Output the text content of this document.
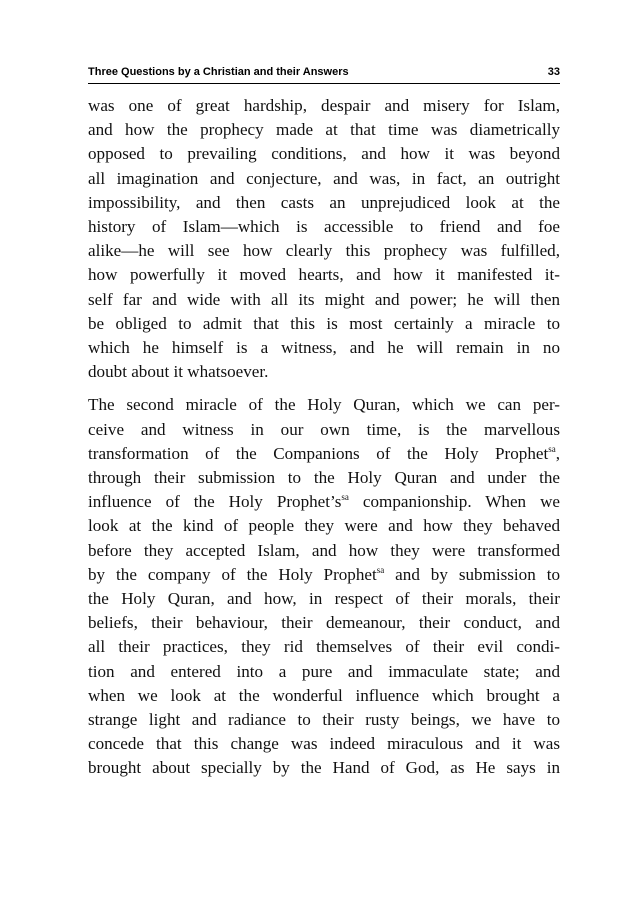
Three Questions by a Christian and their Answers	33
was one of great hardship, despair and misery for Islam,
and how the prophecy made at that time was diametrically
opposed to prevailing conditions, and how it was beyond
all imagination and conjecture, and was, in fact, an outright
impossibility, and then casts an unprejudiced look at the
history of Islam—which is accessible to friend and foe
alike—he will see how clearly this prophecy was fulfilled,
how powerfully it moved hearts, and how it manifested it-
self far and wide with all its might and power; he will then
be obliged to admit that this is most certainly a miracle to
which he himself is a witness, and he will remain in no
doubt about it whatsoever.
The second miracle of the Holy Quran, which we can per-
ceive and witness in our own time, is the marvellous
transformation of the Companions of the Holy Prophet$^{sa}$,
through their submission to the Holy Quran and under the
influence of the Holy $Prophet’s^{sa}$ companionship. When we
look at the kind of people they were and how they behaved
before they accepted Islam, and how they were transformed
by the company of the Holy Prophet$^{sa}$ and by submission to
the Holy Quran, and how, in respect of their morals, their
beliefs, their behaviour, their demeanour, their conduct, and
all their practices, they rid themselves of their evil condi-
tion and entered into a pure and immaculate state; and
when we look at the wonderful influence which brought a
strange light and radiance to their rusty beings, we have to
concede that this change was indeed miraculous and it was
brought about specially by the Hand of God, as He says in
